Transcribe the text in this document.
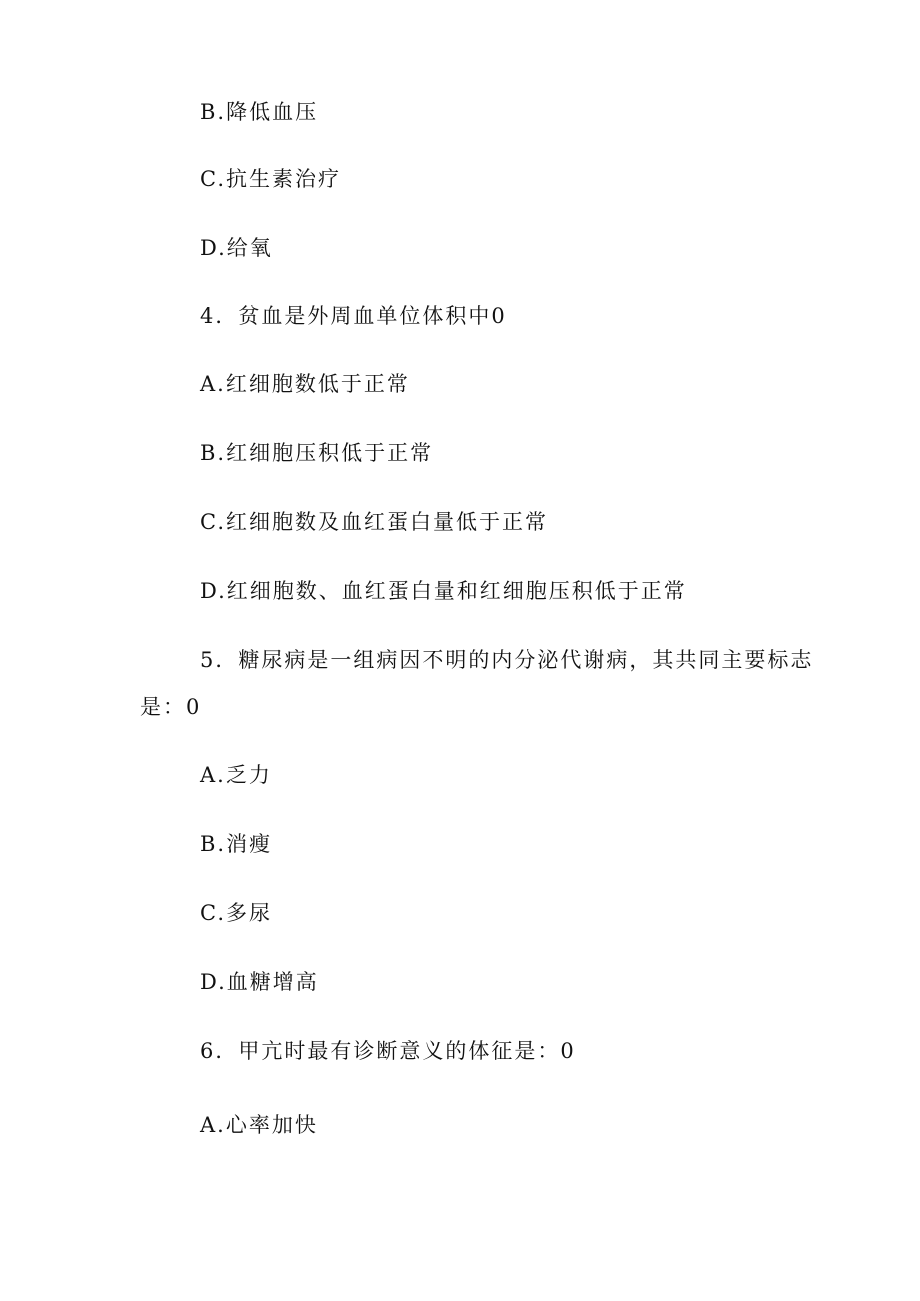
B.降低血压
C.抗生素治疗
D.给氧
4．贫血是外周血单位体积中0
A.红细胞数低于正常
B.红细胞压积低于正常
C.红细胞数及血红蛋白量低于正常
D.红细胞数、血红蛋白量和红细胞压积低于正常
5．糖尿病是一组病因不明的内分泌代谢病，其共同主要标志
是：0
A.乏力
B.消瘦
C.多尿
D.血糖增高
6．甲亢时最有诊断意义的体征是：0
A.心率加快
